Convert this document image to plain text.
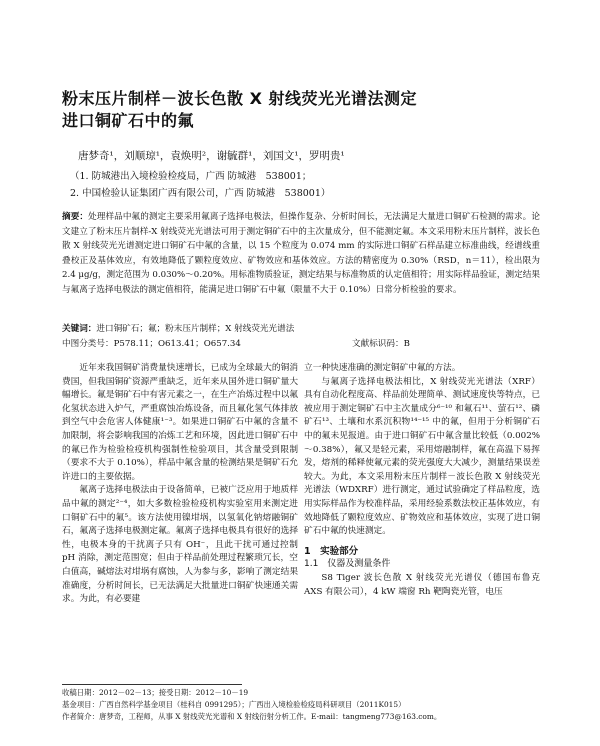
粉末压片制样－波长色散 X 射线荧光光谱法测定
进口铜矿石中的氟
唐梦奇¹，刘顺琼¹，袁焕明²，谢毓群¹，刘国文¹，罗明贵¹
（1. 防城港出入境检验检疫局，广西 防城港　538001；
2. 中国检验认证集团广西有限公司，广西 防城港　538001）
摘要：处理样品中氟的测定主要采用氟离子选择电极法，但操作复杂、分析时间长，无法满足大量进口铜矿石检测的需求。论文建立了粉末压片制样-X 射线荧光光谱法可用于测定铜矿石中的主次量成分，但不能测定氟。本文采用粉末压片制样，波长色散 X 射线荧光光谱测定进口铜矿石中氟的含量，以 15 个粒度为 0.074 mm 的实际进口铜矿石样品建立标准曲线，经谱线重叠校正及基体效应，有效地降低了颗粒度效应、矿物效应和基体效应。方法的精密度为 0.30%（RSD，n＝11），检出限为 2.4 μg/g，测定范围为 0.030%～0.20%。用标准物质验证，测定结果与标准物质的认定值相符；用实际样品验证，测定结果与氟离子选择电极法的测定值相符，能满足进口铜矿石中氟（限量不大于 0.10%）日常分析检验的要求。
关键词：进口铜矿石；氟；粉末压片制样；X 射线荧光光谱法
中图分类号：P578.11；O613.41；O657.34	文献标识码：B

近年来我国铜矿消费量快速增长，已成为全球最大的铜消费国，但我国铜矿资源严重缺乏，近年来从国外进口铜矿量大幅增长。氟是铜矿石中有害元素之一，在生产冶炼过程中以氟化氢状态进入炉气，严重腐蚀冶炼设备，而且氟化氢气体排放到空气中会危害人体健康¹⁻³。如果进口铜矿石中氟的含量不加限制，将会影响我国的冶炼工艺和环境，因此进口铜矿石中的氟已作为检验检疫机构强制性检验项目，其含量受到限制（要求不大于 0.10%），样品中氟含量的检测结果是铜矿石允许进口的主要依据。

氟离子选择电极法由于设备简单，已被广泛应用于地质样品中氟的测定²⁻⁴，如大多数检验检疫机构实验室用来测定进口铜矿石中的氟⁵。该方法使用镍坩埚，以氢氧化钠熔融铜矿石，氟离子选择电极测定氟。氟离子选择电极具有很好的选择性，电极本身的干扰离子只有 OH⁻，且此干扰可通过控制 pH 消除，测定范围宽；但由于样品前处理过程繁琐冗长，空白值高，碱熔法对坩埚有腐蚀，人为参与多，影响了测定结果准确度，分析时间长，已无法满足大批量进口铜矿快速通关需求。为此，有必要建

立一种快速准确的测定铜矿中氟的方法。

与氟离子选择电极法相比，X 射线荧光光谱法（XRF）具有自动化程度高、样品前处理简单、测试速度快等特点，已被应用于测定铜矿石中主次量成分⁶⁻¹⁰ 和氟石¹¹、萤石¹²、磷矿石¹³、土壤和水系沉积物¹⁴⁻¹⁵ 中的氟，但用于分析铜矿石中的氟未见报道。由于进口铜矿石中氟含量比较低（0.002%～0.38%），氟又是轻元素，采用熔融制样，氟在高温下易挥发，熔剂的稀释使氟元素的荧光强度大大减少，测量结果误差较大。为此，本文采用粉末压片制样－波长色散 X 射线荧光光谱法（WDXRF）进行测定，通过试验确定了样品粒度，选用实际样品作为校准样品，采用经验系数法校正基体效应，有效地降低了颗粒度效应、矿物效应和基体效应，实现了进口铜矿石中氟的快速测定。

1　实验部分

1.1　仪器及测量条件

S8 Tiger 波长色散 X 射线荧光光谱仪（德国布鲁克 AXS 有限公司），4 kW 端窗 Rh 靶陶瓷光管，电压

收稿日期：2012－02－13；接受日期：2012－10－19
基金项目：广西自然科学基金项目（桂科自 0991295）；广西出入境检验检疫局科研项目（2011K015）
作者简介：唐梦奇，工程师，从事 X 射线荧光光谱和 X 射线衍射分析工作。E-mail：tangmeng773@163.com。
